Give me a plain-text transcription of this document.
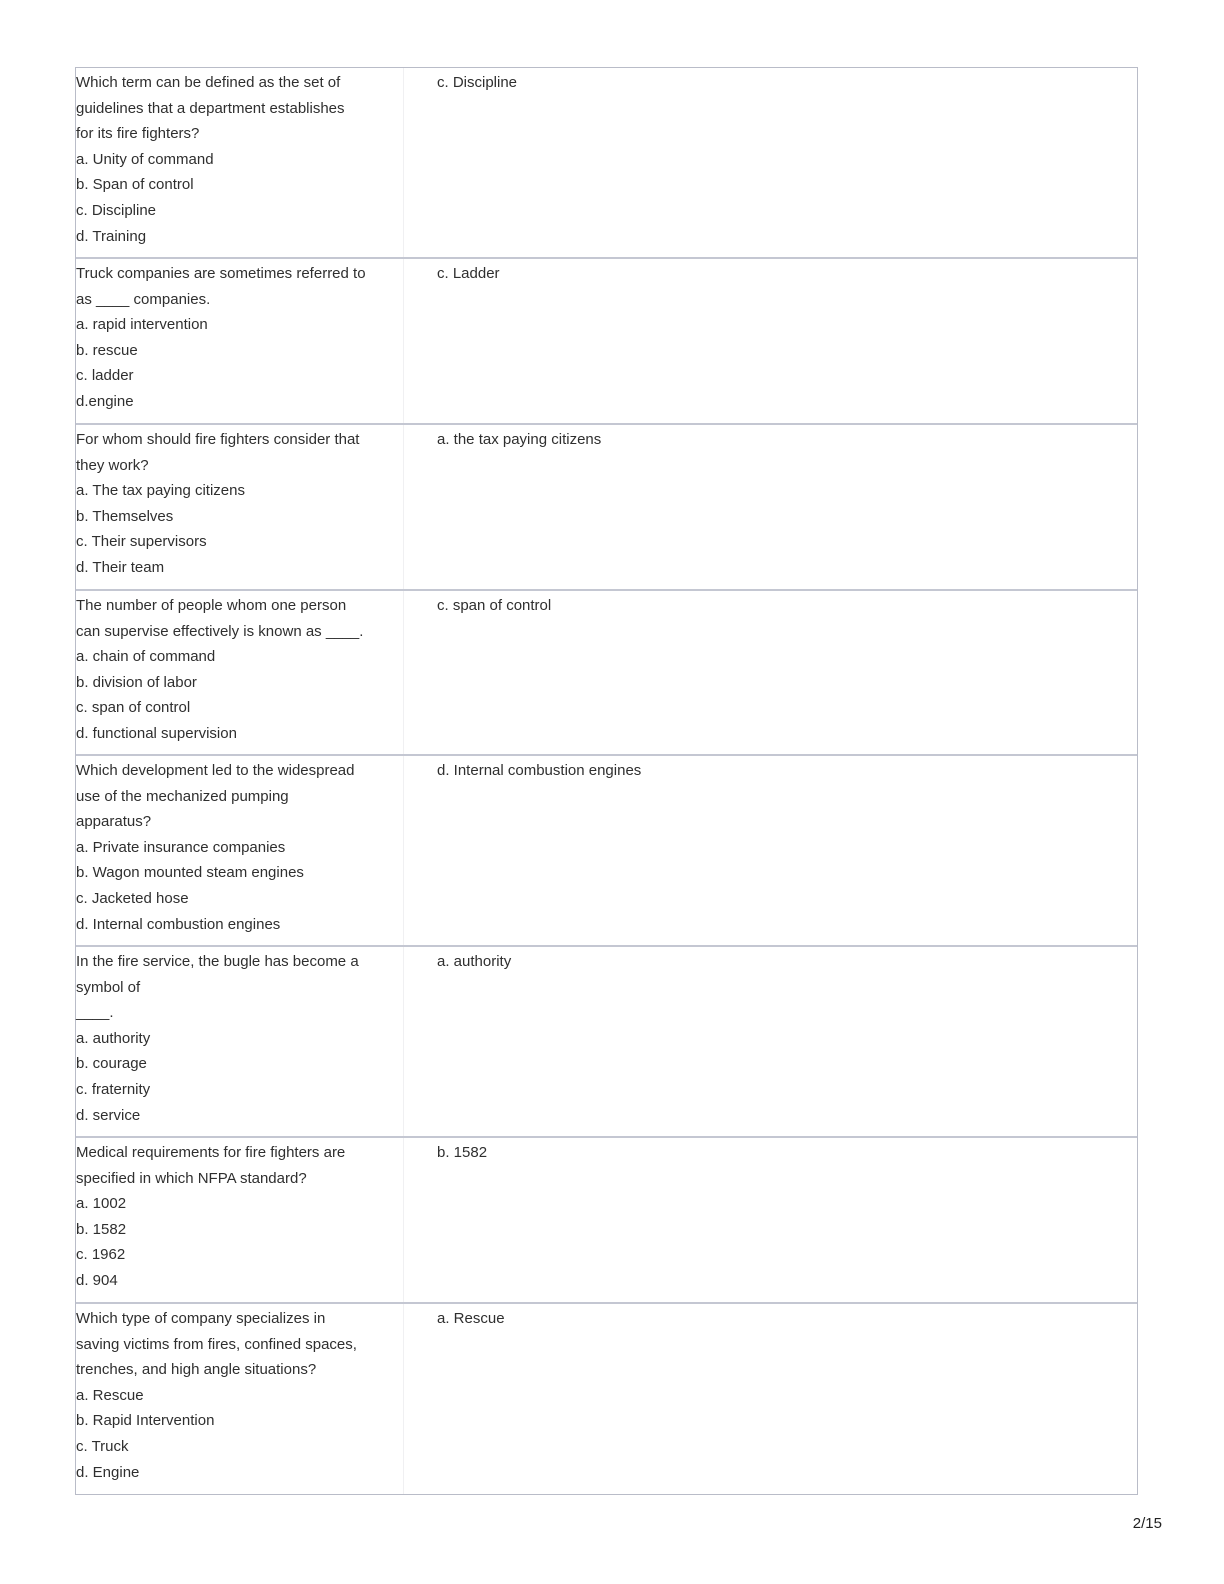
Which term can be defined as the set of
guidelines that a department establishes
for its fire fighters?
a. Unity of command
b. Span of control
c. Discipline
d. Training
c. Discipline
Truck companies are sometimes referred to
as ____ companies.
a. rapid intervention
b. rescue
c. ladder
d.engine
c. Ladder
For whom should fire fighters consider that
they work?
a. The tax paying citizens
b. Themselves
c. Their supervisors
d. Their team
a. the tax paying citizens
The number of people whom one person
can supervise effectively is known as ____.
a. chain of command
b. division of labor
c. span of control
d. functional supervision
c. span of control
Which development led to the widespread
use of the mechanized pumping
apparatus?
a. Private insurance companies
b. Wagon mounted steam engines
c. Jacketed hose
d. Internal combustion engines
d. Internal combustion engines
In the fire service, the bugle has become a
symbol of
____.
a. authority
b. courage
c. fraternity
d. service
a. authority
Medical requirements for fire fighters are
specified in which NFPA standard?
a. 1002
b. 1582
c. 1962
d. 904
b. 1582
Which type of company specializes in
saving victims from fires, confined spaces,
trenches, and high angle situations?
a. Rescue
b. Rapid Intervention
c. Truck
d. Engine
a. Rescue
2/15
